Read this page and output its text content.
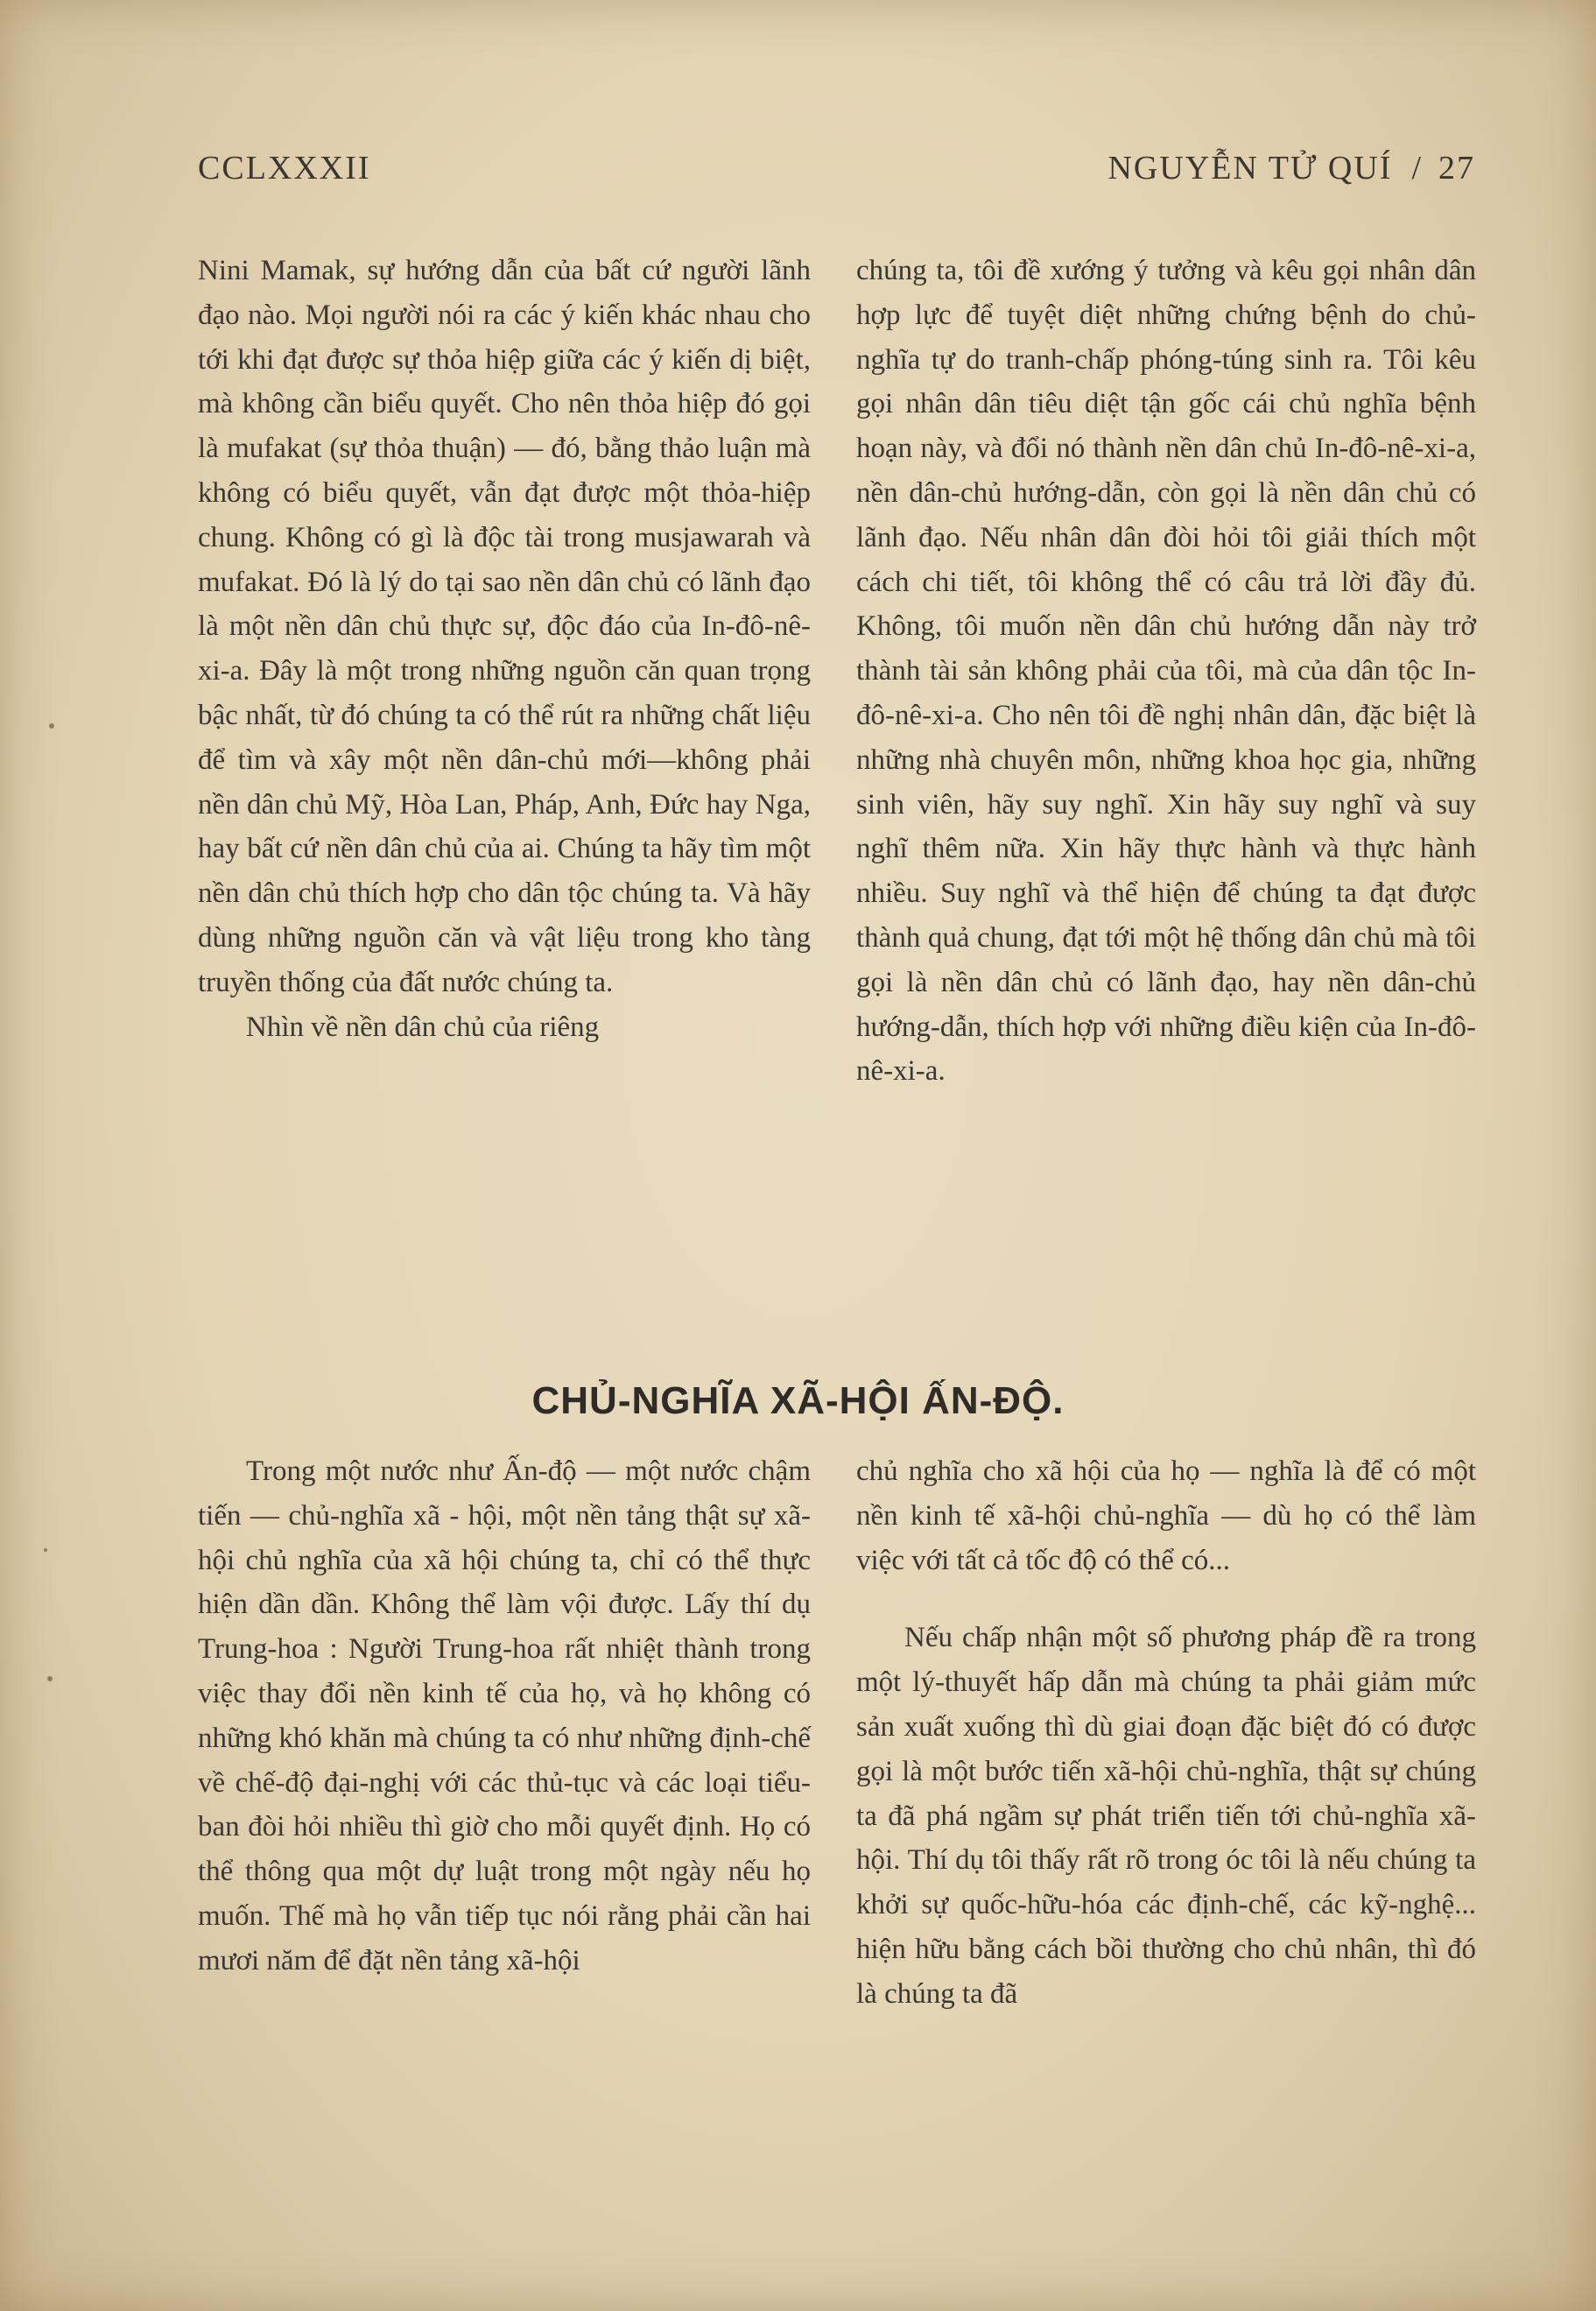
CCLXXXII	NGUYỄN TỬ QUÍ / 27

Nini Mamak, sự hướng dẫn của bất cứ người lãnh đạo nào. Mọi người nói ra các ý kiến khác nhau cho tới khi đạt được sự thỏa hiệp giữa các ý kiến dị biệt, mà không cần biểu quyết. Cho nên thỏa hiệp đó gọi là mufakat (sự thỏa thuận) — đó, bằng thảo luận mà không có biểu quyết, vẫn đạt được một thỏa-hiệp chung. Không có gì là độc tài trong musjawarah và mufakat. Đó là lý do tại sao nền dân chủ có lãnh đạo là một nền dân chủ thực sự, độc đáo của In-đô-nê-xi-a. Đây là một trong những nguồn căn quan trọng bậc nhất, từ đó chúng ta có thể rút ra những chất liệu để tìm và xây một nền dân-chủ mới—không phải nền dân chủ Mỹ, Hòa Lan, Pháp, Anh, Đức hay Nga, hay bất cứ nền dân chủ của ai. Chúng ta hãy tìm một nền dân chủ thích hợp cho dân tộc chúng ta. Và hãy dùng những nguồn căn và vật liệu trong kho tàng truyền thống của đất nước chúng ta.

Nhìn về nền dân chủ của riêng

chúng ta, tôi đề xướng ý tưởng và kêu gọi nhân dân hợp lực để tuyệt diệt những chứng bệnh do chủ-nghĩa tự do tranh-chấp phóng-túng sinh ra. Tôi kêu gọi nhân dân tiêu diệt tận gốc cái chủ nghĩa bệnh hoạn này, và đổi nó thành nền dân chủ In-đô-nê-xi-a, nền dân-chủ hướng-dẫn, còn gọi là nền dân chủ có lãnh đạo. Nếu nhân dân đòi hỏi tôi giải thích một cách chi tiết, tôi không thể có câu trả lời đầy đủ. Không, tôi muốn nền dân chủ hướng dẫn này trở thành tài sản không phải của tôi, mà của dân tộc In-đô-nê-xi-a. Cho nên tôi đề nghị nhân dân, đặc biệt là những nhà chuyên môn, những khoa học gia, những sinh viên, hãy suy nghĩ. Xin hãy suy nghĩ và suy nghĩ thêm nữa. Xin hãy thực hành và thực hành nhiều. Suy nghĩ và thể hiện để chúng ta đạt được thành quả chung, đạt tới một hệ thống dân chủ mà tôi gọi là nền dân chủ có lãnh đạo, hay nền dân-chủ hướng-dẫn, thích hợp với những điều kiện của In-đô-nê-xi-a.

CHỦ-NGHĨA XÃ-HỘI ẤN-ĐỘ.

Trong một nước như Ấn-độ — một nước chậm tiến — chủ-nghĩa xã - hội, một nền tảng thật sự xã-hội chủ nghĩa của xã hội chúng ta, chỉ có thể thực hiện dần dần. Không thể làm vội được. Lấy thí dụ Trung-hoa : Người Trung-hoa rất nhiệt thành trong việc thay đổi nền kinh tế của họ, và họ không có những khó khăn mà chúng ta có như những định-chế về chế-độ đại-nghị với các thủ-tục và các loại tiểu-ban đòi hỏi nhiều thì giờ cho mỗi quyết định. Họ có thể thông qua một dự luật trong một ngày nếu họ muốn. Thế mà họ vẫn tiếp tục nói rằng phải cần hai mươi năm để đặt nền tảng xã-hội

chủ nghĩa cho xã hội của họ — nghĩa là để có một nền kinh tế xã-hội chủ-nghĩa — dù họ có thể làm việc với tất cả tốc độ có thể có...

Nếu chấp nhận một số phương pháp đề ra trong một lý-thuyết hấp dẫn mà chúng ta phải giảm mức sản xuất xuống thì dù giai đoạn đặc biệt đó có được gọi là một bước tiến xã-hội chủ-nghĩa, thật sự chúng ta đã phá ngầm sự phát triển tiến tới chủ-nghĩa xã-hội. Thí dụ tôi thấy rất rõ trong óc tôi là nếu chúng ta khởi sự quốc-hữu-hóa các định-chế, các kỹ-nghệ... hiện hữu bằng cách bồi thường cho chủ nhân, thì đó là chúng ta đã
